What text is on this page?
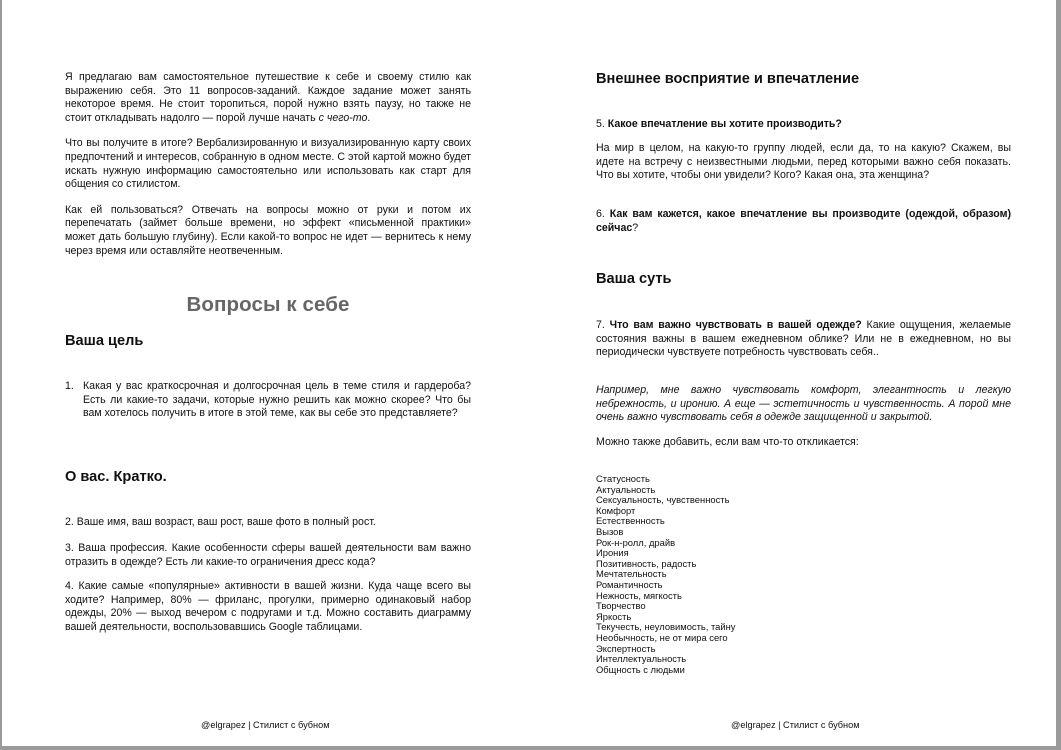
Я предлагаю вам самостоятельное путешествие к себе и своему стилю как выражению себя. Это 11 вопросов-заданий. Каждое задание может занять некоторое время. Не стоит торопиться, порой нужно взять паузу, но также не стоит откладывать надолго — порой лучше начать с чего-то.

Что вы получите в итоге? Вербализированную и визуализированную карту своих предпочтений и интересов, собранную в одном месте. С этой картой можно будет искать нужную информацию самостоятельно или использовать как старт для общения со стилистом.

Как ей пользоваться? Отвечать на вопросы можно от руки и потом их перепечатать (займет больше времени, но эффект «письменной практики» может дать большую глубину). Если какой-то вопрос не идет — вернитесь к нему через время или оставляйте неотвеченным.

Вопросы к себе
Ваша цель
1. Какая у вас краткосрочная и долгосрочная цель в теме стиля и гардероба? Есть ли какие-то задачи, которые нужно решить как можно скорее? Что бы вам хотелось получить в итоге в этой теме, как вы себе это представляете?
О вас. Кратко.

2. Ваше имя, ваш возраст, ваш рост, ваше фото в полный рост.

3. Ваша профессия. Какие особенности сферы вашей деятельности вам важно отразить в одежде? Есть ли какие-то ограничения дресс кода?

4. Какие самые «популярные» активности в вашей жизни. Куда чаще всего вы ходите? Например, 80% — фриланс, прогулки, примерно одинаковый набор одежды, 20% — выход вечером с подругами и т.д. Можно составить диаграмму вашей деятельности, воспользовавшись Google таблицами.

@elgrapez | Стилист с бубном
Внешнее восприятие и впечатление

5. Какое впечатление вы хотите производить?

На мир в целом, на какую-то группу людей, если да, то на какую? Скажем, вы идете на встречу с неизвестными людьми, перед которыми важно себя показать. Что вы хотите, чтобы они увидели? Кого? Какая она, эта женщина?

6. Как вам кажется, какое впечатление вы производите (одеждой, образом) сейчас?

Ваша суть

7. Что вам важно чувствовать в вашей одежде? Какие ощущения, желаемые состояния важны в вашем ежедневном облике? Или не в ежедневном, но вы периодически чувствуете потребность чувствовать себя..

Например, мне важно чувствовать комфорт, элегантность и легкую небрежность, и иронию. А еще — эстетичность и чувственность. А порой мне очень важно чувствовать себя в одежде защищенной и закрытой.

Можно также добавить, если вам что-то откликается:

Статусность
Актуальность
Сексуальность, чувственность
Комфорт
Естественность
Вызов
Рок-н-ролл, драйв
Ирония
Позитивность, радость
Мечтательность
Романтичность
Нежность, мягкость
Творчество
Яркость
Текучесть, неуловимость, тайну
Необычность, не от мира сего
Экспертность
Интеллектуальность
Общность с людьми
@elgrapez | Стилист с бубном
